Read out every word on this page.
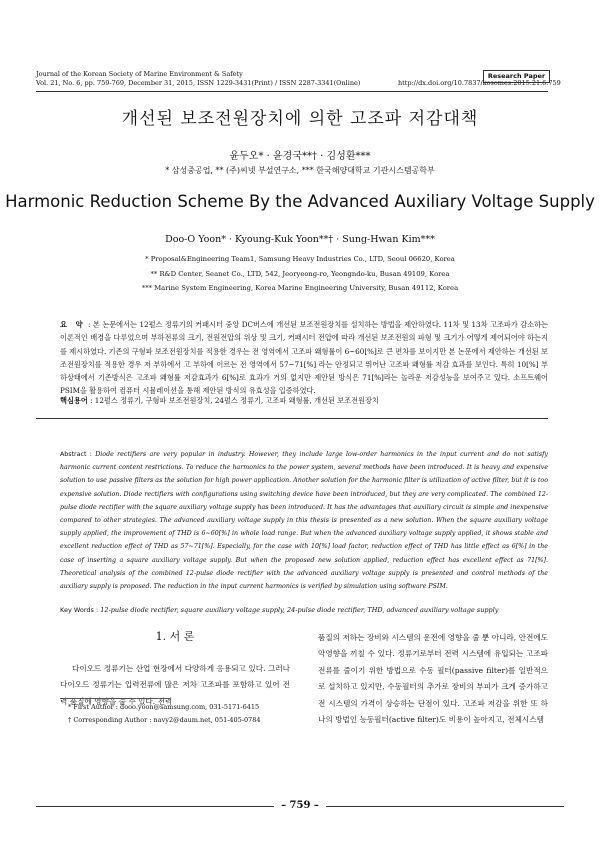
Journal of the Korean Society of Marine Environment & Safety
Vol. 21, No. 6, pp. 759-769, December 31, 2015, ISSN 1229-3431(Print) / ISSN 2287-3341(Online)	http://dx.doi.org/10.7837/kosomes.2015.21.6.759
Research Paper
개선된 보조전원장치에 의한 고조파 저감대책
윤두오* · 윤경국**† · 김성환***
* 삼성중공업, ** (주)씨넷 부설연구소, *** 한국해양대학교 기관시스템공학부
Harmonic Reduction Scheme By the Advanced Auxiliary Voltage Supply
Doo-O Yoon* · Kyoung-Kuk Yoon**† · Sung-Hwan Kim***
* Proposal&Engineering Team1, Samsung Heavy Industries Co., LTD, Seoul 06620, Korea
** R&D Center, Seanet Co., LTD, 542, Jeoryeong-ro, Yeongndo-ku, Busan 49109, Korea
*** Marine System Engineering, Korea Marine Engineering University, Busan 49112, Korea
요 약 : 본 논문에서는 12펄스 정류기의 커패시터 중앙 DC버스에 개선된 보조전원장치를 설치하는 방법을 제안하였다. 11차 및 13차 고조파가 감소하는 이론적인 배경을 다루었으며 부하전류의 크기, 전원전압의 위상 및 크기, 커패시터 전압에 따라 개선된 보조전원의 파형 및 크기가 어떻게 제어되어야 하는지를 제시하였다. 기존의 구형파 보조전원장치를 적용한 경우는 전 영역에서 고조파 왜형률이 6~60[%]로 큰 편차를 보이지만 본 논문에서 제안하는 개선된 보조전원장치를 적용한 경우 저 부하에서 고 부하에 이르는 전 영역에서 57~71[%] 라는 안정되고 뛰어난 고조파 왜형률 저감 효과를 보인다. 특히 10[%] 부하상태에서 기존방식은 고조파 왜형률 저감효과가 6[%]로 효과가 거의 없지만 제안된 방식은 71[%]라는 놀라운 저감성능을 보여주고 있다. 소프트웨어 PSIM을 활용하여 컴퓨터 시뮬레이션을 통해 제안된 방식의 유효성을 입증하였다.
핵심용어 : 12펄스 정류기, 구형파 보조전원장치, 24펄스 정류기, 고조파 왜형률, 개선된 보조전원장치
Abstract : Diode rectifiers are very popular in industry. However, they include large low-order harmonics in the input current and do not satisfy harmonic current content restrictions. To reduce the harmonics to the power system, several methods have been introduced. It is heavy and expensive solution to use passive filters as the solution for high power application. Another solution for the harmonic filter is utilization of active filter, but it is too expensive solution. Diode rectifiers with configurations using switching device have been introduced, but they are very complicated. The combined 12-pulse diode rectifier with the square auxiliary voltage supply has been introduced. It has the advantages that auxiliary circuit is simple and inexpensive compared to other strategies. The advanced auxiliary voltage supply in this thesis is presented as a new solution. When the square auxiliary voltage supply applied, the improvement of THD is 6~60[%] in whole load range. But when the advanced auxiliary voltage supply applied, it shows stable and excellent reduction effect of THD as 57~71[%]. Especially, for the case with 10[%] load factor, reduction effect of THD has little effect as 6[%] in the case of inserting a square auxiliary voltage supply. But when the proposed new solution applied, reduction effect has excellent effect as 71[%]. Theoretical analysis of the combined 12-pulse diode rectifier with the advanced auxiliary voltage supply is presented and control methods of the auxiliary supply is proposed. The reduction in the input current harmonics is verified by simulation using software PSIM.
Key Words : 12-pulse diode rectifier, square auxiliary voltage supply, 24-pulse diode rectifier, THD, advanced auxiliary voltage supply
1. 서 론
다이오드 정류기는 산업 현장에서 다양하게 응용되고 있다. 그러나 다이오드 정류기는 입력전류에 많은 저차 고조파를 포함하고 있어 전력 품질에 영향을 줄 수 있다. 전력
품질의 저하는 장비와 시스템의 운전에 영향을 줄 뿐 아니라, 안전에도 악영향을 끼칠 수 있다. 정류기로부터 전력 시스템에 유입되는 고조파 전류를 줄이기 위한 방법으로 수동 필터(passive filter)를 일반적으로 설치하고 있지만, 수동필터의 추가로 장비의 부피가 크게 증가하고 전 시스템의 가격이 상승하는 단점이 있다. 고조파 저감을 위한 또 하나의 방법인 능동필터(active filter)도 비용이 높아지고, 전체시스템
* First Author : dooo.yoon@samsung.com, 031-5171-6415
† Corresponding Author : navy2@daum.net, 051-405-0784
– 759 –
